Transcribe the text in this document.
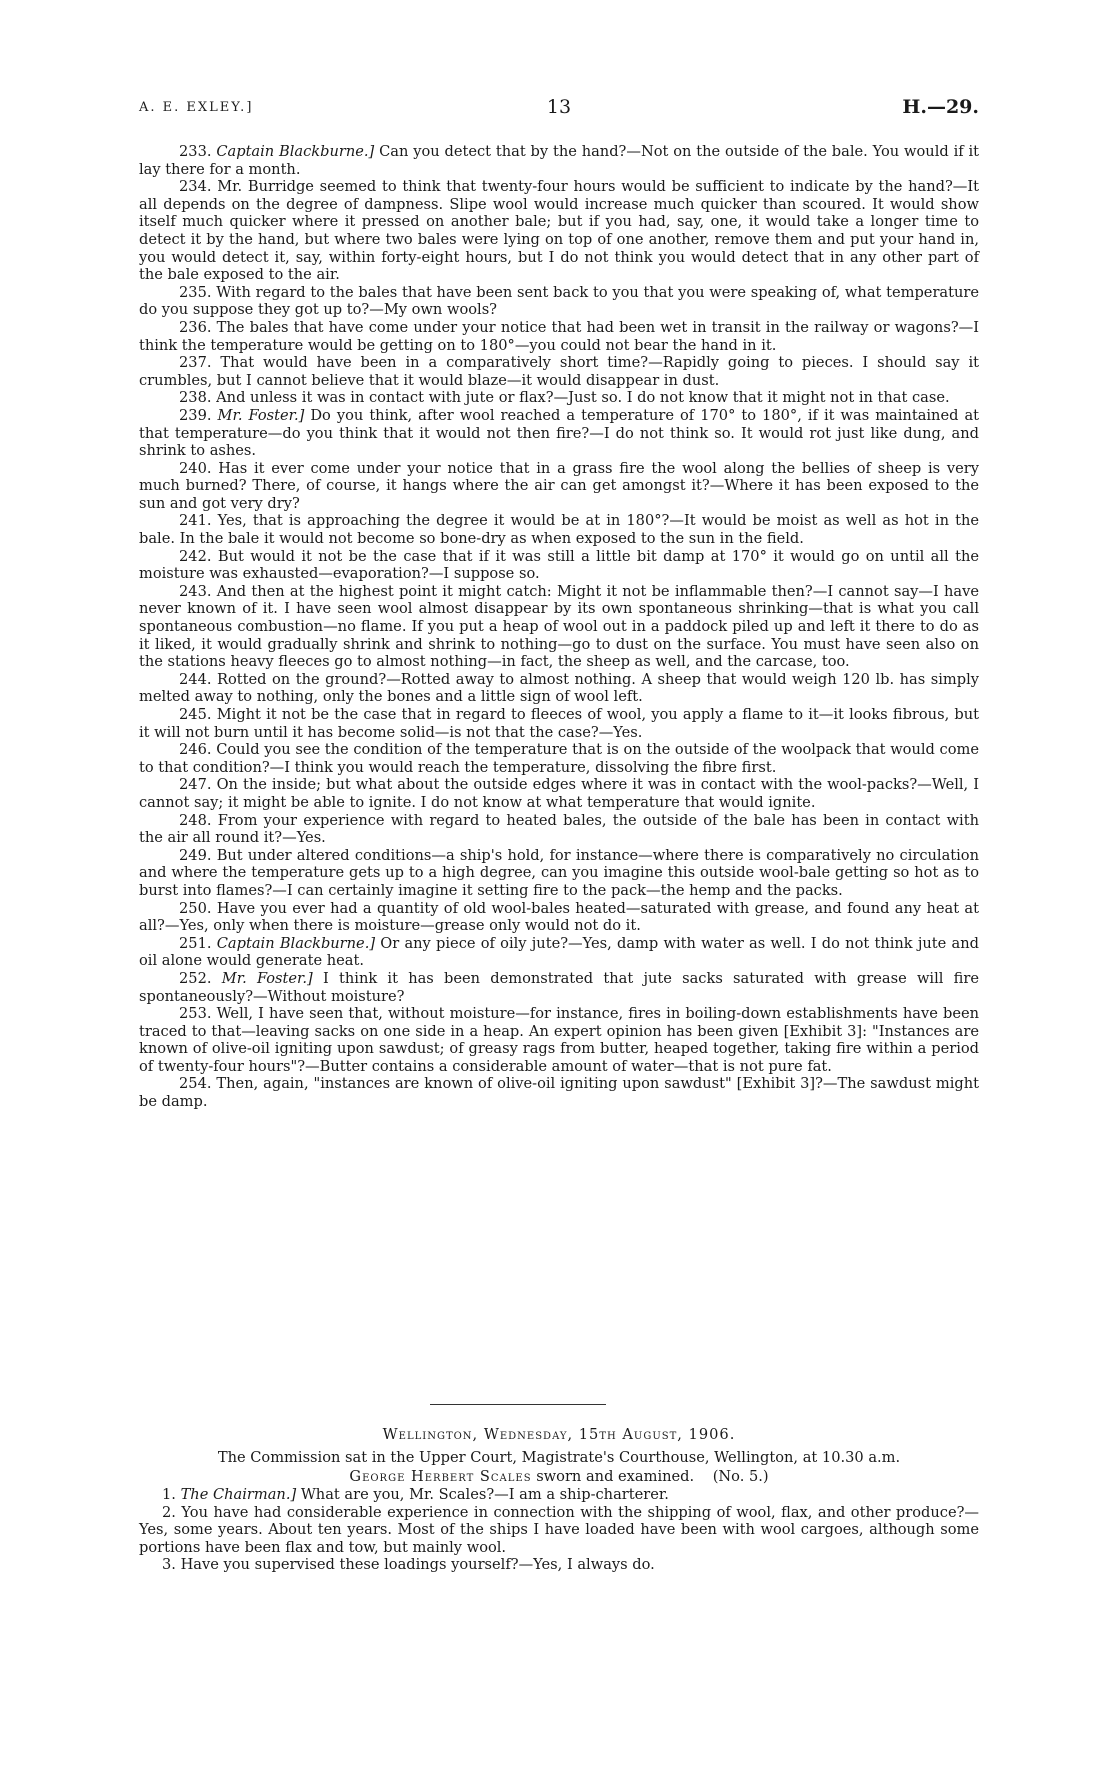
A. E. EXLEY.]	13	H.—29.

233. Captain Blackburne.] Can you detect that by the hand?—Not on the outside of the bale. You would if it lay there for a month.

234. Mr. Burridge seemed to think that twenty-four hours would be sufficient to indicate by the hand?—It all depends on the degree of dampness. Slipe wool would increase much quicker than scoured. It would show itself much quicker where it pressed on another bale; but if you had, say, one, it would take a longer time to detect it by the hand, but where two bales were lying on top of one another, remove them and put your hand in, you would detect it, say, within forty-eight hours, but I do not think you would detect that in any other part of the bale exposed to the air.

235. With regard to the bales that have been sent back to you that you were speaking of, what temperature do you suppose they got up to?—My own wools?

236. The bales that have come under your notice that had been wet in transit in the railway or wagons?—I think the temperature would be getting on to 180°—you could not bear the hand in it.

237. That would have been in a comparatively short time?—Rapidly going to pieces. I should say it crumbles, but I cannot believe that it would blaze—it would disappear in dust.

238. And unless it was in contact with jute or flax?—Just so. I do not know that it might not in that case.

239. Mr. Foster.] Do you think, after wool reached a temperature of 170° to 180°, if it was maintained at that temperature—do you think that it would not then fire?—I do not think so. It would rot just like dung, and shrink to ashes.

240. Has it ever come under your notice that in a grass fire the wool along the bellies of sheep is very much burned? There, of course, it hangs where the air can get amongst it?—Where it has been exposed to the sun and got very dry?

241. Yes, that is approaching the degree it would be at in 180°?—It would be moist as well as hot in the bale. In the bale it would not become so bone-dry as when exposed to the sun in the field.

242. But would it not be the case that if it was still a little bit damp at 170° it would go on until all the moisture was exhausted—evaporation?—I suppose so.

243. And then at the highest point it might catch: Might it not be inflammable then?—I cannot say—I have never known of it. I have seen wool almost disappear by its own spontaneous shrinking—that is what you call spontaneous combustion—no flame. If you put a heap of wool out in a paddock piled up and left it there to do as it liked, it would gradually shrink and shrink to nothing—go to dust on the surface. You must have seen also on the stations heavy fleeces go to almost nothing—in fact, the sheep as well, and the carcase, too.

244. Rotted on the ground?—Rotted away to almost nothing. A sheep that would weigh 120 lb. has simply melted away to nothing, only the bones and a little sign of wool left.

245. Might it not be the case that in regard to fleeces of wool, you apply a flame to it—it looks fibrous, but it will not burn until it has become solid—is not that the case?—Yes.

246. Could you see the condition of the temperature that is on the outside of the woolpack that would come to that condition?—I think you would reach the temperature, dissolving the fibre first.

247. On the inside; but what about the outside edges where it was in contact with the wool-packs?—Well, I cannot say; it might be able to ignite. I do not know at what temperature that would ignite.

248. From your experience with regard to heated bales, the outside of the bale has been in contact with the air all round it?—Yes.

249. But under altered conditions—a ship's hold, for instance—where there is comparatively no circulation and where the temperature gets up to a high degree, can you imagine this outside wool-bale getting so hot as to burst into flames?—I can certainly imagine it setting fire to the pack—the hemp and the packs.

250. Have you ever had a quantity of old wool-bales heated—saturated with grease, and found any heat at all?—Yes, only when there is moisture—grease only would not do it.

251. Captain Blackburne.] Or any piece of oily jute?—Yes, damp with water as well. I do not think jute and oil alone would generate heat.

252. Mr. Foster.] I think it has been demonstrated that jute sacks saturated with grease will fire spontaneously?—Without moisture?

253. Well, I have seen that, without moisture—for instance, fires in boiling-down establishments have been traced to that—leaving sacks on one side in a heap. An expert opinion has been given [Exhibit 3]: "Instances are known of olive-oil igniting upon sawdust; of greasy rags from butter, heaped together, taking fire within a period of twenty-four hours"?—Butter contains a considerable amount of water—that is not pure fat.

254. Then, again, "instances are known of olive-oil igniting upon sawdust" [Exhibit 3]?—The sawdust might be damp.

Wellington, Wednesday, 15th August, 1906.

The Commission sat in the Upper Court, Magistrate's Courthouse, Wellington, at 10.30 a.m.

George Herbert Scales sworn and examined.    (No. 5.)

1. The Chairman.] What are you, Mr. Scales?—I am a ship-charterer.

2. You have had considerable experience in connection with the shipping of wool, flax, and other produce?—Yes, some years. About ten years. Most of the ships I have loaded have been with wool cargoes, although some portions have been flax and tow, but mainly wool.

3. Have you supervised these loadings yourself?—Yes, I always do.
